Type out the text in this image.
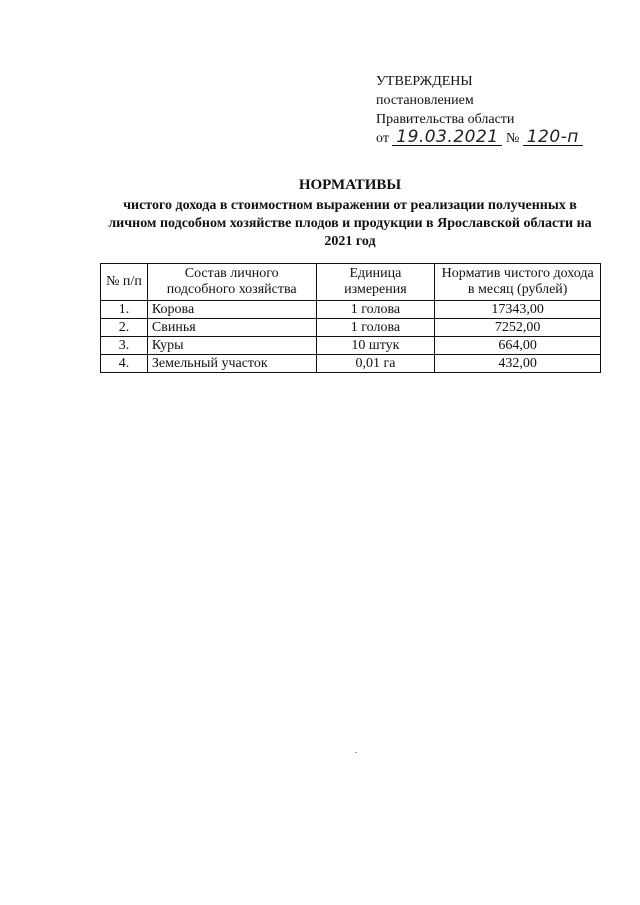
УТВЕРЖДЕНЫ
постановлением
Правительства области
от 19.03.2021 № 120-п
НОРМАТИВЫ
чистого дохода в стоимостном выражении от реализации полученных в личном подсобном хозяйстве плодов и продукции в Ярославской области на 2021 год
№ п/п	Состав личного подсобного хозяйства	Единица измерения	Норматив чистого дохода в месяц (рублей)
1.	Корова	1 голова	17343,00
2.	Свинья	1 голова	7252,00
3.	Куры	10 штук	664,00
4.	Земельный участок	0,01 га	432,00
